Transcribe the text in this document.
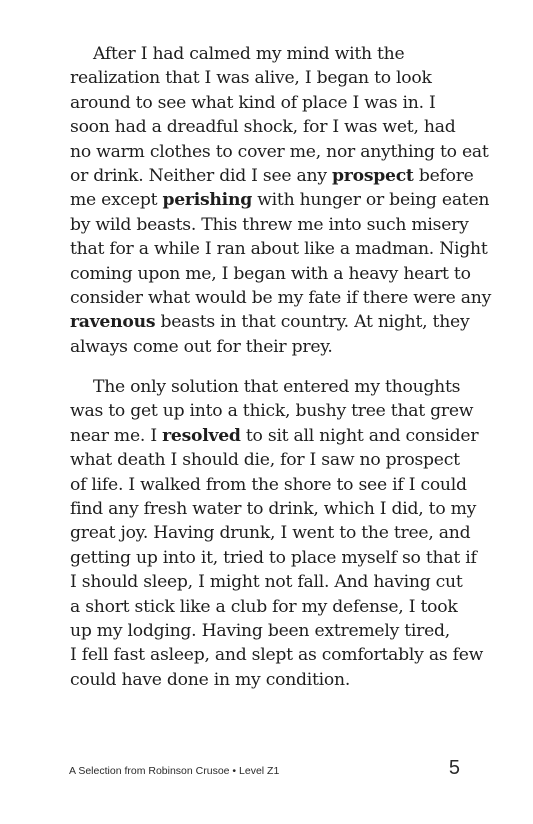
After I had calmed my mind with the
realization that I was alive, I began to look
around to see what kind of place I was in. I
soon had a dreadful shock, for I was wet, had
no warm clothes to cover me, nor anything to eat
or drink. Neither did I see any prospect before
me except perishing with hunger or being eaten
by wild beasts. This threw me into such misery
that for a while I ran about like a madman. Night
coming upon me, I began with a heavy heart to
consider what would be my fate if there were any
ravenous beasts in that country. At night, they
always come out for their prey.

The only solution that entered my thoughts
was to get up into a thick, bushy tree that grew
near me. I resolved to sit all night and consider
what death I should die, for I saw no prospect
of life. I walked from the shore to see if I could
find any fresh water to drink, which I did, to my
great joy. Having drunk, I went to the tree, and
getting up into it, tried to place myself so that if
I should sleep, I might not fall. And having cut
a short stick like a club for my defense, I took
up my lodging. Having been extremely tired,
I fell fast asleep, and slept as comfortably as few
could have done in my condition.

A Selection from Robinson Crusoe • Level Z1	5
